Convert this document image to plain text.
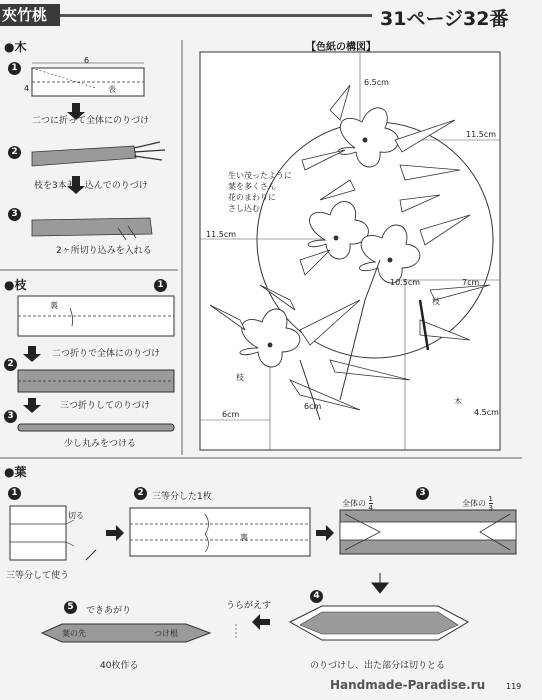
夾竹桃	31ページ32番
●木
1
6
4	表
二つに折って全体にのりづけ
2
枝を3本差し込んでのりづけ
3
2ヶ所切り込みを入れる
●枝	1
裏
二つ折りで全体にのりづけ
2
三つ折りしてのりづけ
3
少し丸みをつける
【色紙の構図】
6.5cm
11.5cm
11.5cm
10.5cm	7cm
6cm
6cm	4.5cm
生い茂ったように
葉を多くさん
花のまわりに
さし込む
枝
枝
木
●葉
1
切る
三等分して使う
2 三等分した1枚
裏
3
全体の $\frac{1}{4}$	全体の $\frac{1}{3}$
4
のりづけし、出た部分は切りとる
うらがえす
5	できあがり
葉の先	つけ根
40枚作る
Handmade-Paradise.ru	119
